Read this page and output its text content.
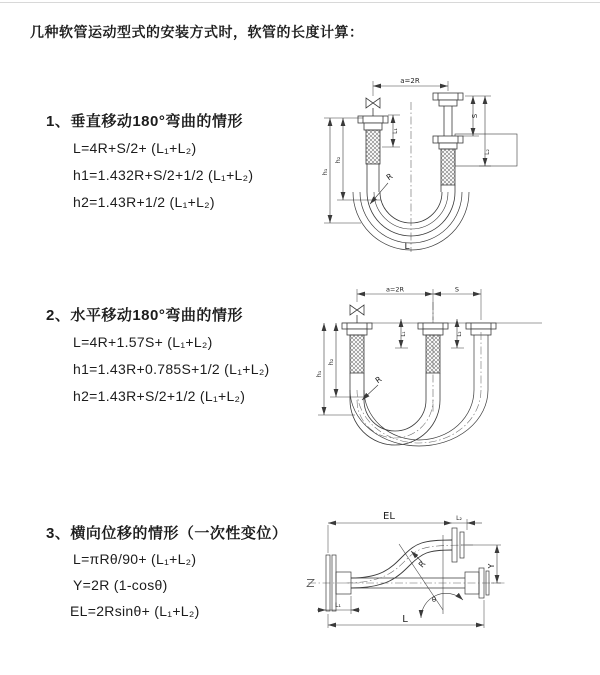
几种软管运动型式的安装方式时，软管的长度计算：
1、垂直移动180°弯曲的情形
L=4R+S/2+ (L₁+L₂)
h1=1.432R+S/2+1/2 (L₁+L₂)
h2=1.43R+1/2 (L₁+L₂)
2、水平移动180°弯曲的情形
L=4R+1.57S+ (L₁+L₂)
h1=1.43R+0.785S+1/2 (L₁+L₂)
h2=1.43R+S/2+1/2 (L₁+L₂)
3、横向位移的情形（一次性变位）
L=πRθ/90+ (L₁+L₂)
Y=2R (1-cosθ)
EL=2Rsinθ+ (L₁+L₂)
a=2R
L₁
h₁
h₂
S
L₂
R
L
a=2R	S
h₁
h₂
L₁	L₂
R
EL	L₂
Y
R
θ
L
L₁
